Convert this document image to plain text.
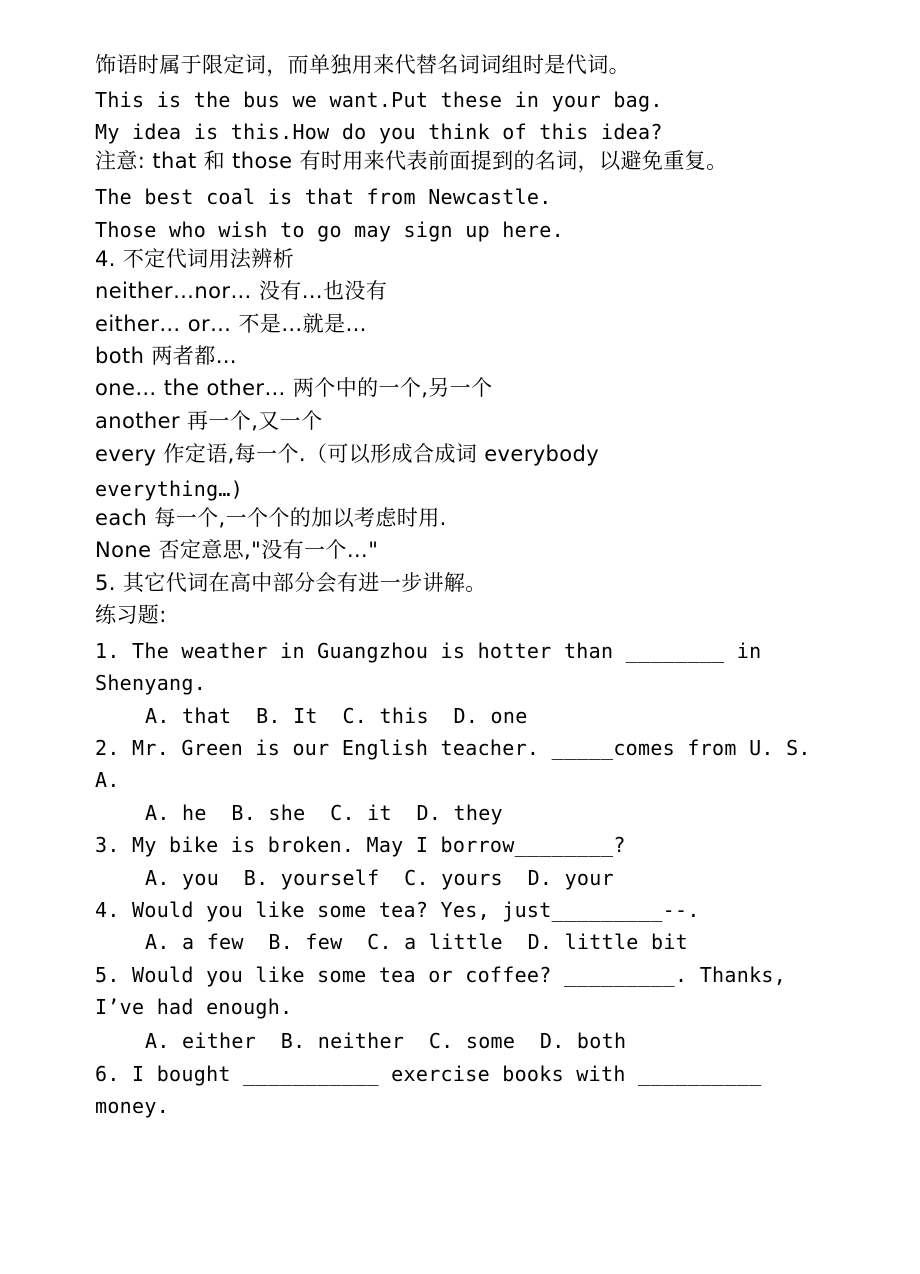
饰语时属于限定词，而单独用来代替名词词组时是代词。
This is the bus we want.Put these in your bag.
My idea is this.How do you think of this idea?
注意: that 和 those 有时用来代表前面提到的名词，以避免重复。
The best coal is that from Newcastle.
Those who wish to go may sign up here.
4. 不定代词用法辨析
neither…nor… 没有…也没有
either… or… 不是…就是…
both 两者都…
one… the other… 两个中的一个,另一个
another 再一个,又一个
every 作定语,每一个.（可以形成合成词 everybody
everything…)
each 每一个,一个个的加以考虑时用.
None 否定意思,"没有一个…"
5. 其它代词在高中部分会有进一步讲解。
练习题:
1. The weather in Guangzhou is hotter than ________ in
Shenyang.
A. that  B. It  C. this  D. one
2. Mr. Green is our English teacher. _____comes from U. S.
A.
A. he  B. she  C. it  D. they
3. My bike is broken. May I borrow________?
A. you  B. yourself  C. yours  D. your
4. Would you like some tea? Yes, just_________--.
A. a few  B. few  C. a little  D. little bit
5. Would you like some tea or coffee? _________. Thanks,
I’ve had enough.
A. either  B. neither  C. some  D. both
6. I bought ___________ exercise books with __________
money.
